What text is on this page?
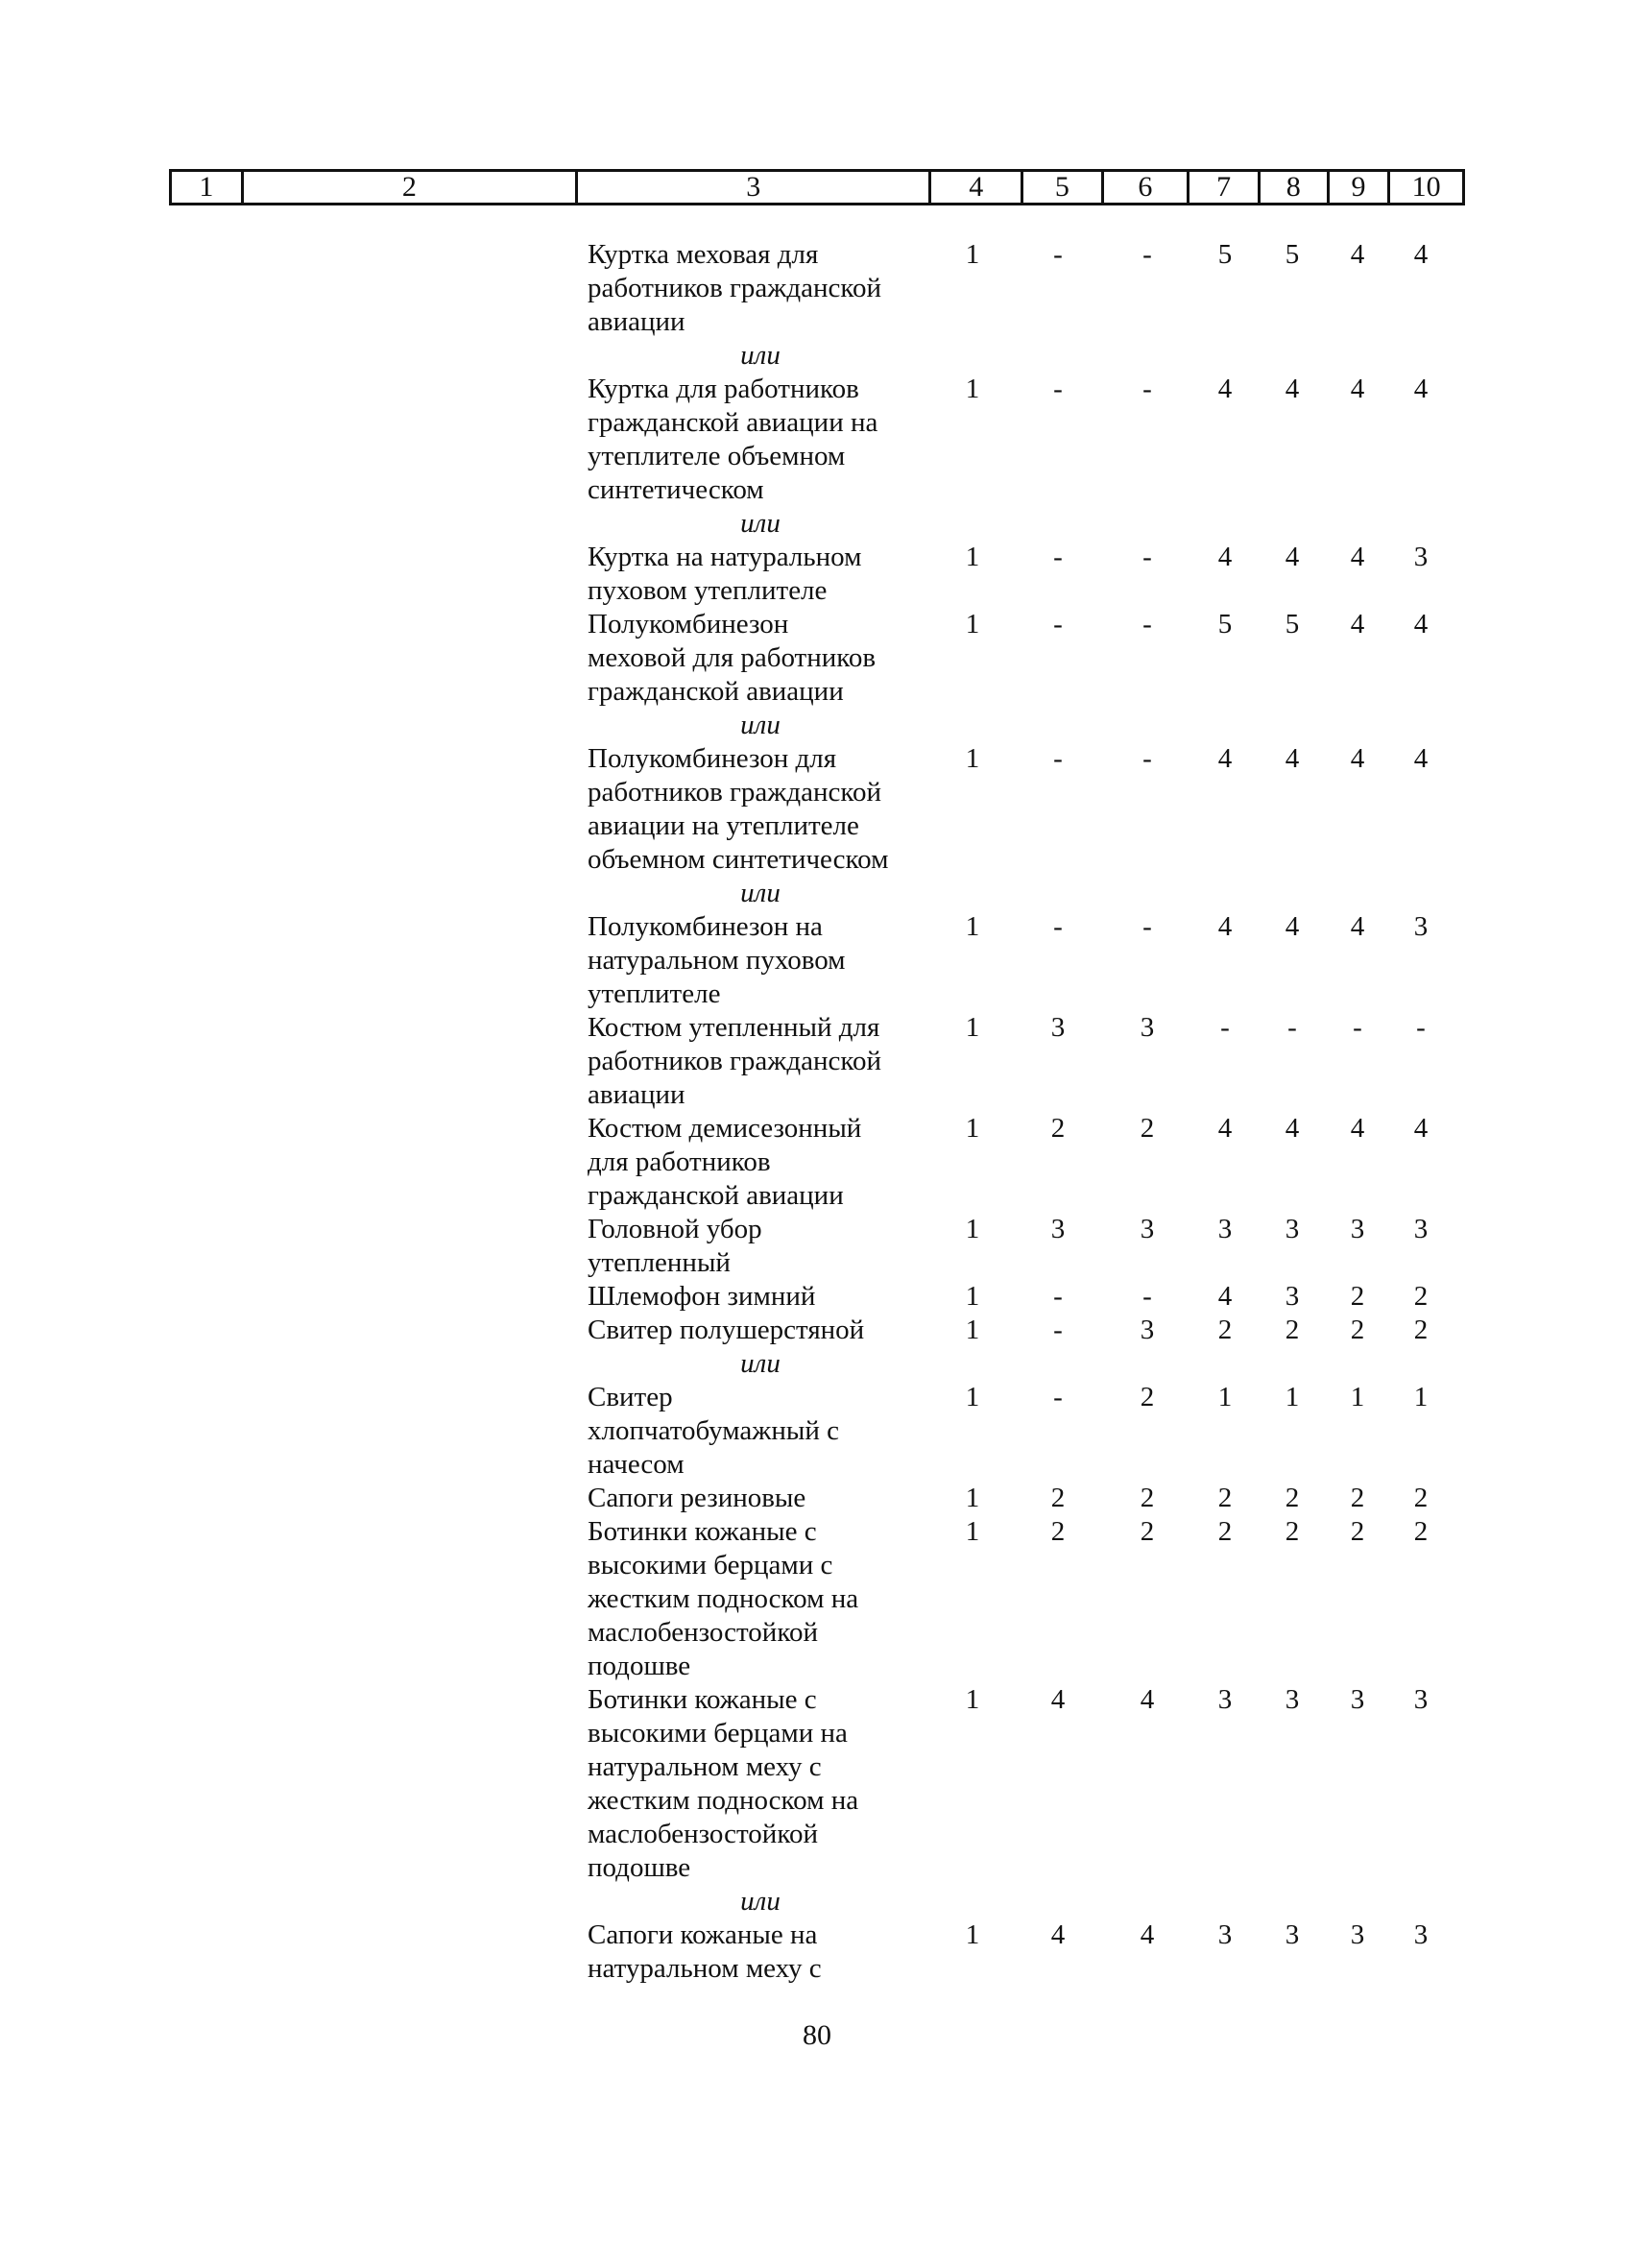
1	2	3	4	5	6	7	8	9	10
Куртка меховая для
работников гражданской
авиации
1	-	-	5	5	4	4
или
Куртка для работников
гражданской авиации на
утеплителе объемном
синтетическом
1	-	-	4	4	4	4
или
Куртка на натуральном
пуховом утеплителе
1	-	-	4	4	4	3
Полукомбинезон
меховой для работников
гражданской авиации
1	-	-	5	5	4	4
или
Полукомбинезон для
работников гражданской
авиации на утеплителе
объемном синтетическом
1	-	-	4	4	4	4
или
Полукомбинезон на
натуральном пуховом
утеплителе
1	-	-	4	4	4	3
Костюм утепленный для
работников гражданской
авиации
1	3	3	-	-	-	-
Костюм демисезонный
для работников
гражданской авиации
1	2	2	4	4	4	4
Головной убор
утепленный
1	3	3	3	3	3	3
Шлемофон зимний	1	-	-	4	3	2	2
Свитер полушерстяной	1	-	3	2	2	2	2
или
Свитер
хлопчатобумажный с
начесом
1	-	2	1	1	1	1
Сапоги резиновые	1	2	2	2	2	2	2
Ботинки кожаные с
высокими берцами с
жестким подноском на
маслобензостойкой
подошве
1	2	2	2	2	2	2
Ботинки кожаные с
высокими берцами на
натуральном меху с
жестким подноском на
маслобензостойкой
подошве
1	4	4	3	3	3	3
или
Сапоги кожаные на
натуральном меху с
1	4	4	3	3	3	3
80
